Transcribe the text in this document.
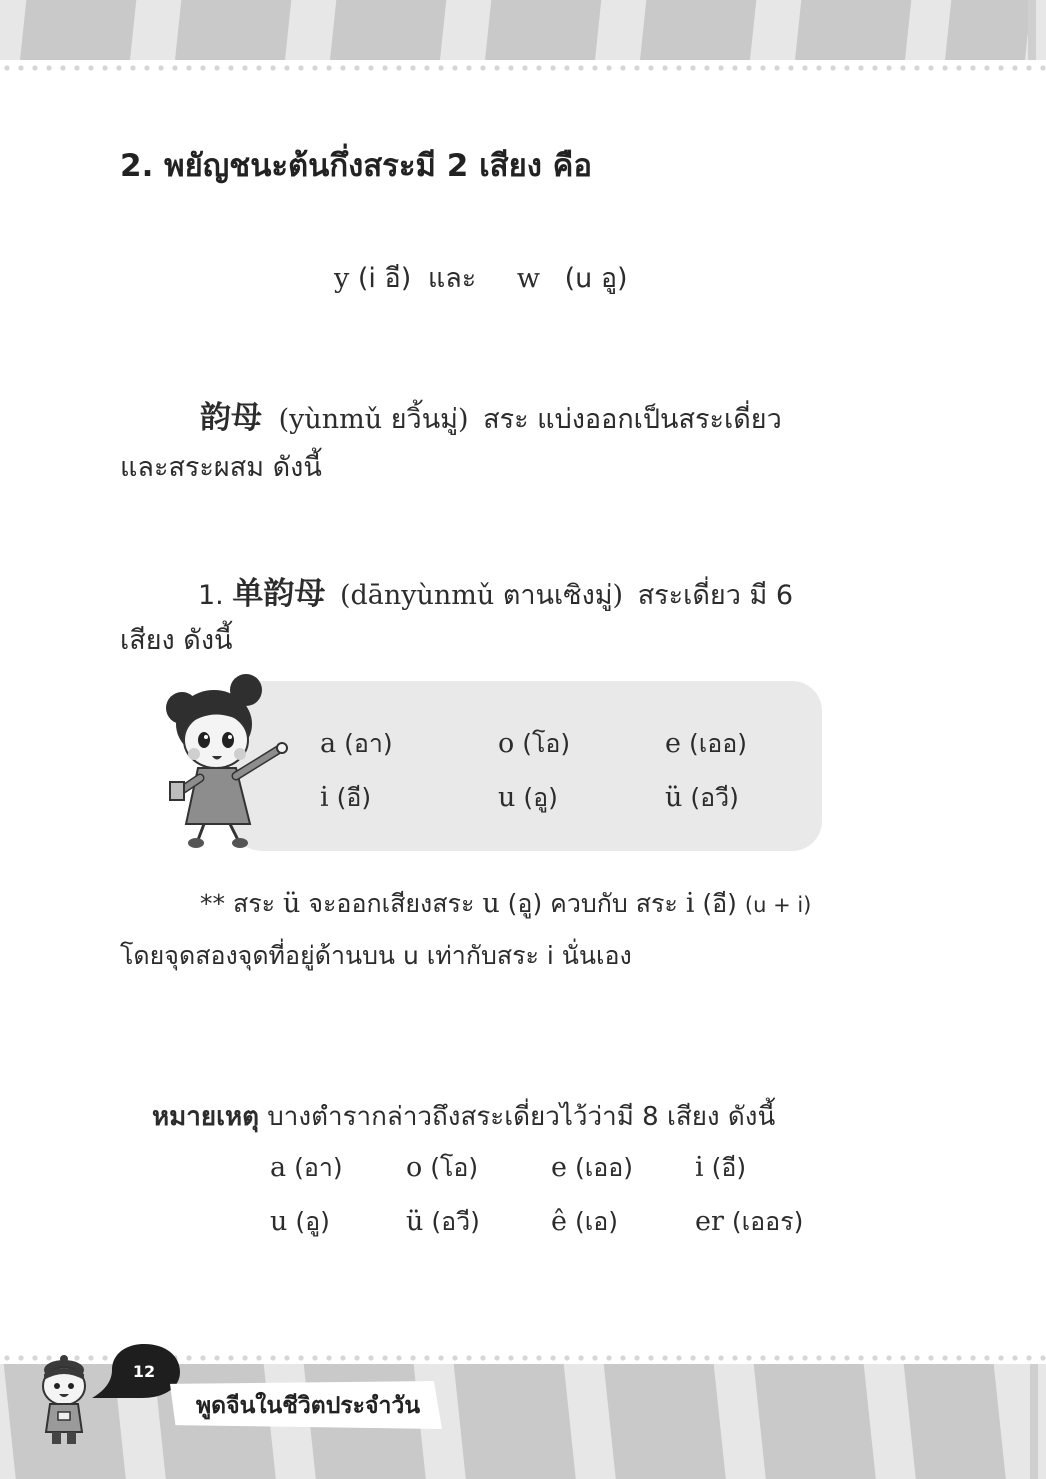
2. พยัญชนะต้นกึ่งสระมี 2 เสียง คือ

y (i อี) และ w (u อู)

韵母 (yùnmǔ ยวิ้นมู่) สระ แบ่งออกเป็นสระเดี่ยว

และสระผสม ดังนี้

1. 单韵母 (dānyùnmǔ ตานเซิงมู่) สระเดี่ยว มี 6

เสียง ดังนี้

a (อา)	o (โอ)	e (เออ)
i (อี)	u (อู)	ü (อวี)

** สระ ü จะออกเสียงสระ u (อู) ควบกับ สระ i (อี) (u + i)

โดยจุดสองจุดที่อยู่ด้านบน u เท่ากับสระ i นั่นเอง

หมายเหตุ บางตำรากล่าวถึงสระเดี่ยวไว้ว่ามี 8 เสียง ดังนี้

a (อา) o (โอ)	e (เออ) i (อี)
u (อู)	ü (อวี)	ê (เอ)	er (เออร)
12
พูดจีนในชีวิตประจำวัน
